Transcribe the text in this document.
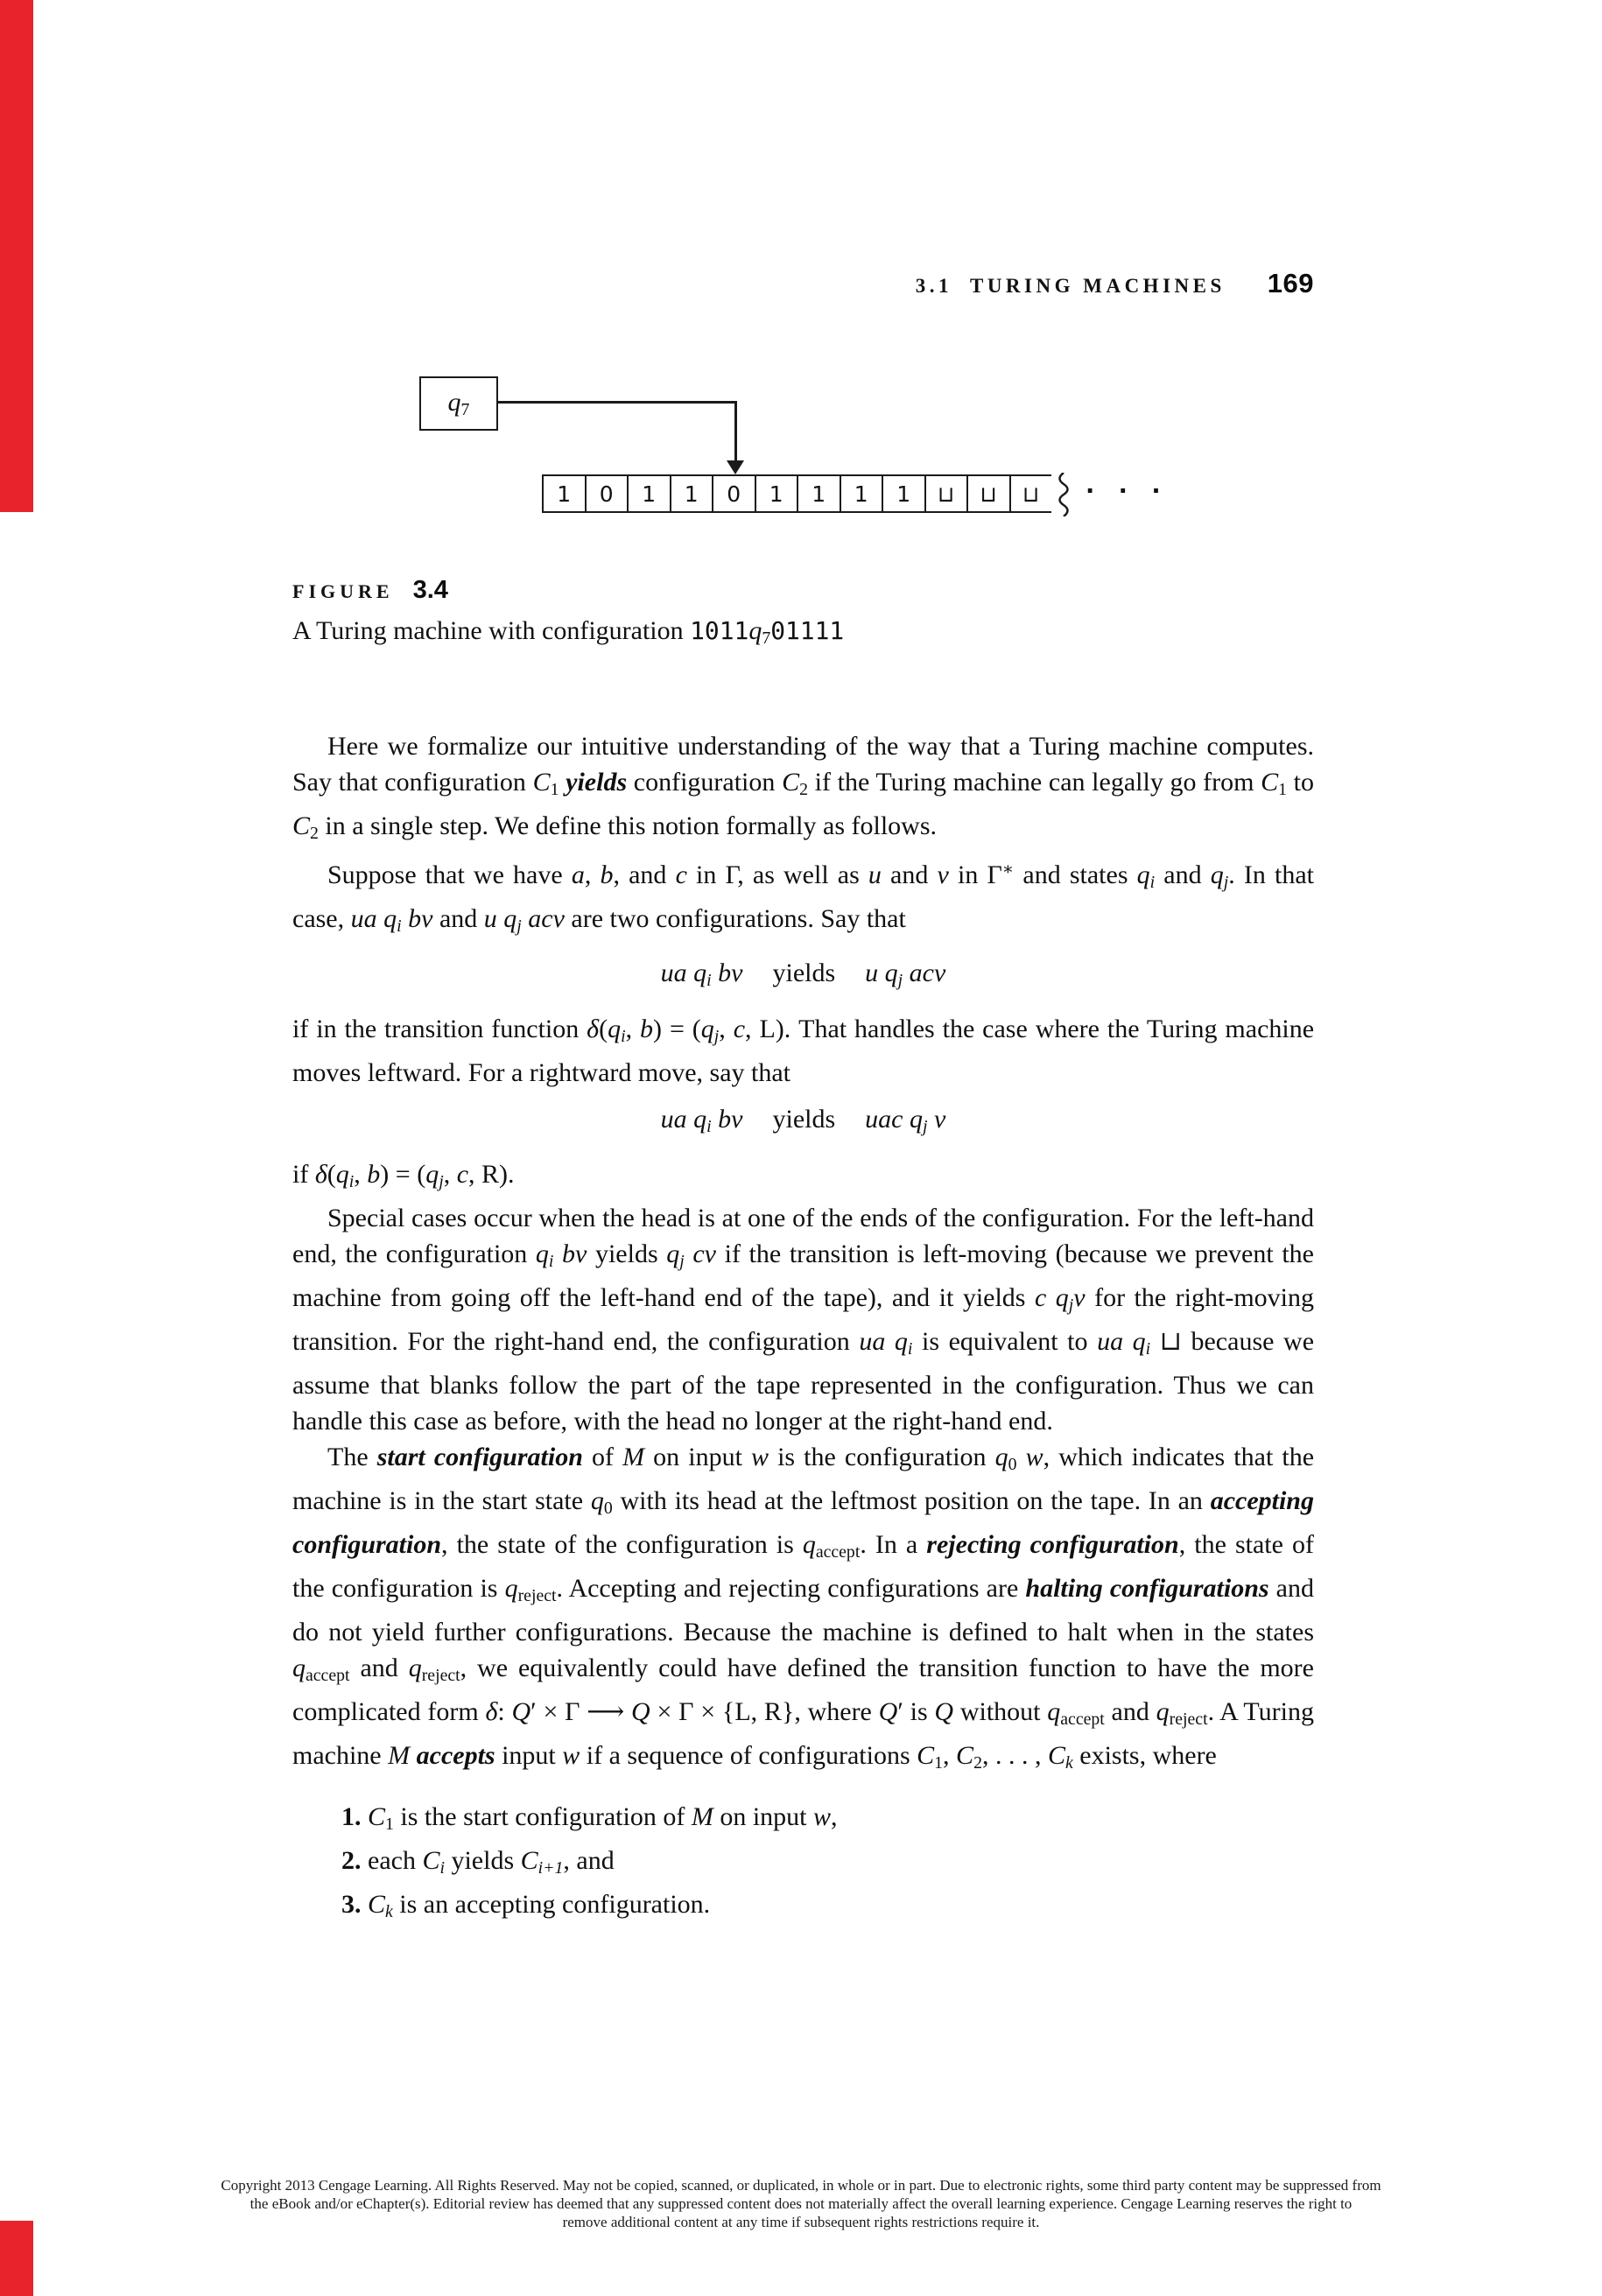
3.1 TURING MACHINES 169
q7
1	0	1	1	0	1	1	1	1	⊔	⊔	⊔	· · ·
FIGURE 3.4
A Turing machine with configuration 1011q701111

Here we formalize our intuitive understanding of the way that a Turing machine computes. Say that configuration C1 yields configuration C2 if the Turing machine can legally go from C1 to C2 in a single step. We define this notion formally as follows.

Suppose that we have a, b, and c in Γ, as well as u and v in Γ∗ and states qi and qj. In that case, ua qi bv and u qj acv are two configurations. Say that

ua qi bv yields u qj acv

if in the transition function δ(qi, b) = (qj, c, L). That handles the case where the Turing machine moves leftward. For a rightward move, say that

ua qi bv yields uac qj v

if δ(qi, b) = (qj, c, R).

Special cases occur when the head is at one of the ends of the configuration. For the left-hand end, the configuration qi bv yields qj cv if the transition is left-moving (because we prevent the machine from going off the left-hand end of the tape), and it yields c qjv for the right-moving transition. For the right-hand end, the configuration ua qi is equivalent to ua qi ⊔ because we assume that blanks follow the part of the tape represented in the configuration. Thus we can handle this case as before, with the head no longer at the right-hand end.

The start configuration of M on input w is the configuration q0 w, which indicates that the machine is in the start state q0 with its head at the leftmost position on the tape. In an accepting configuration, the state of the configuration is qaccept. In a rejecting configuration, the state of the configuration is qreject. Accepting and rejecting configurations are halting configurations and do not yield further configurations. Because the machine is defined to halt when in the states qaccept and qreject, we equivalently could have defined the transition function to have the more complicated form δ: Q′ × Γ ⟶ Q × Γ × {L, R}, where Q′ is Q without qaccept and qreject. A Turing machine M accepts input w if a sequence of configurations C1, C2, . . . , Ck exists, where

1. C1 is the start configuration of M on input w,

2. each Ci yields Ci+1, and

3. Ck is an accepting configuration.

Copyright 2013 Cengage Learning. All Rights Reserved. May not be copied, scanned, or duplicated, in whole or in part. Due to electronic rights, some third party content may be suppressed from
the eBook and/or eChapter(s). Editorial review has deemed that any suppressed content does not materially affect the overall learning experience. Cengage Learning reserves the right to
remove additional content at any time if subsequent rights restrictions require it.
